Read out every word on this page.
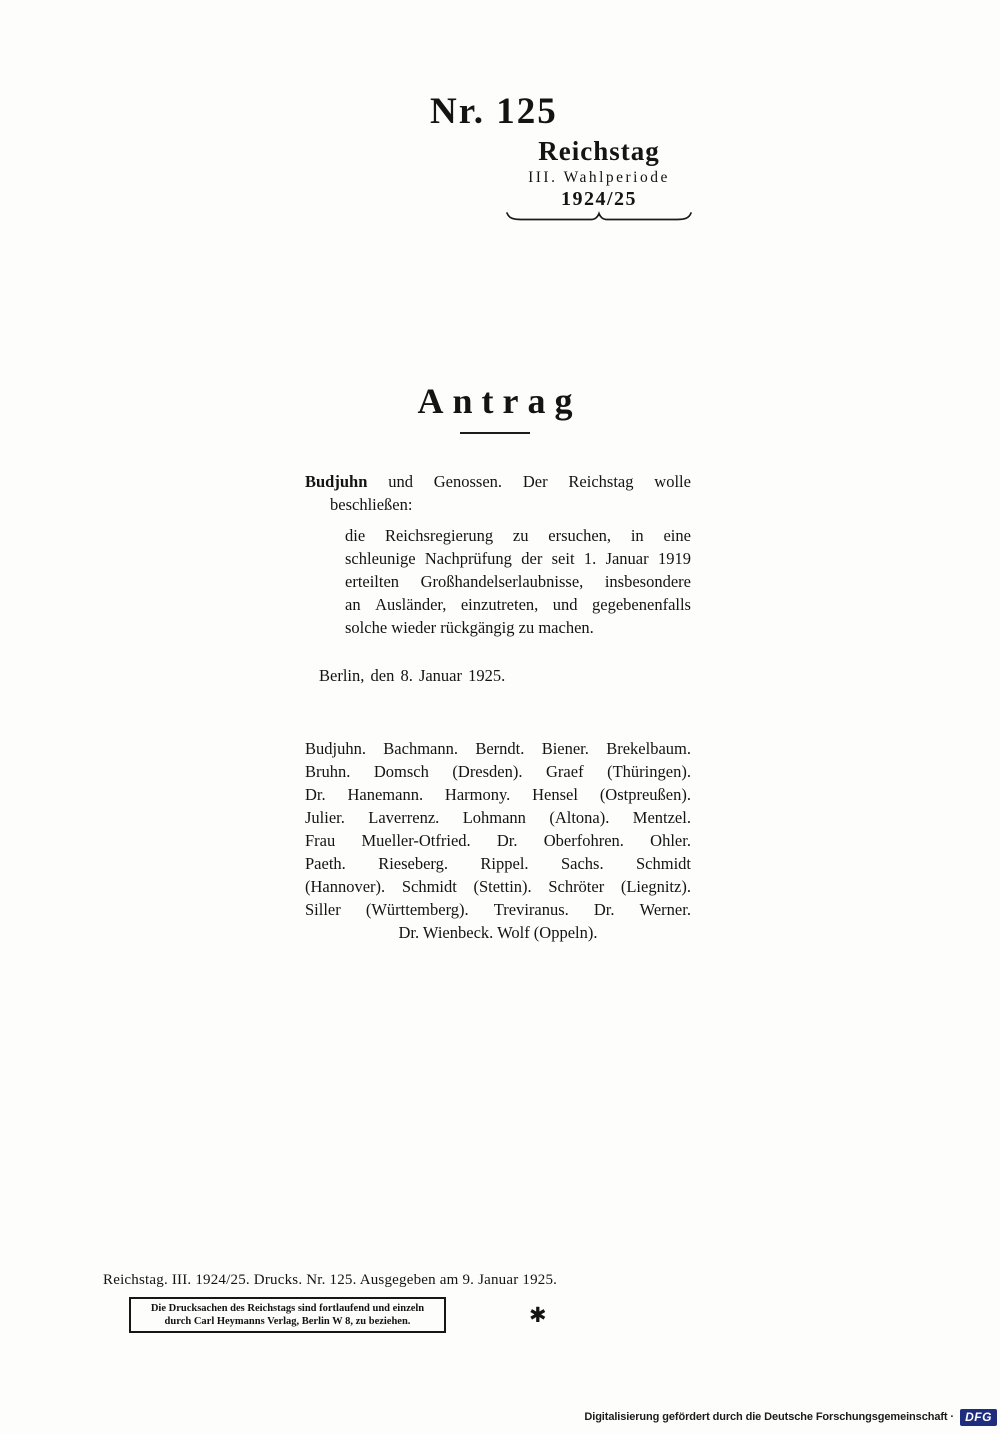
Nr. 125
Reichstag
III. Wahlperiode
1924/25
Antrag
Budjuhn und Genossen. Der Reichstag wolle
beschließen:
die Reichsregierung zu ersuchen, in eine
schleunige Nachprüfung der seit 1. Januar 1919
erteilten Großhandelserlaubnisse, insbesondere
an Ausländer, einzutreten, und gegebenenfalls
solche wieder rückgängig zu machen.
Berlin, den 8. Januar 1925.
Budjuhn. Bachmann. Berndt. Biener. Brekelbaum.
Bruhn. Domsch (Dresden). Graef (Thüringen).
Dr. Hanemann. Harmony. Hensel (Ostpreußen).
Julier. Laverrenz. Lohmann (Altona). Mentzel.
Frau Mueller-Otfried. Dr. Oberfohren. Ohler.
Paeth. Rieseberg. Rippel. Sachs. Schmidt
(Hannover). Schmidt (Stettin). Schröter (Liegnitz).
Siller (Württemberg). Treviranus. Dr. Werner.
Dr. Wienbeck. Wolf (Oppeln).
Reichstag. III. 1924/25. Drucks. Nr. 125. Ausgegeben am 9. Januar 1925.
Die Drucksachen des Reichstags sind fortlaufend und einzeln
durch Carl Heymanns Verlag, Berlin W 8, zu beziehen.	✱
Digitalisierung gefördert durch die Deutsche Forschungsgemeinschaft · DFG
